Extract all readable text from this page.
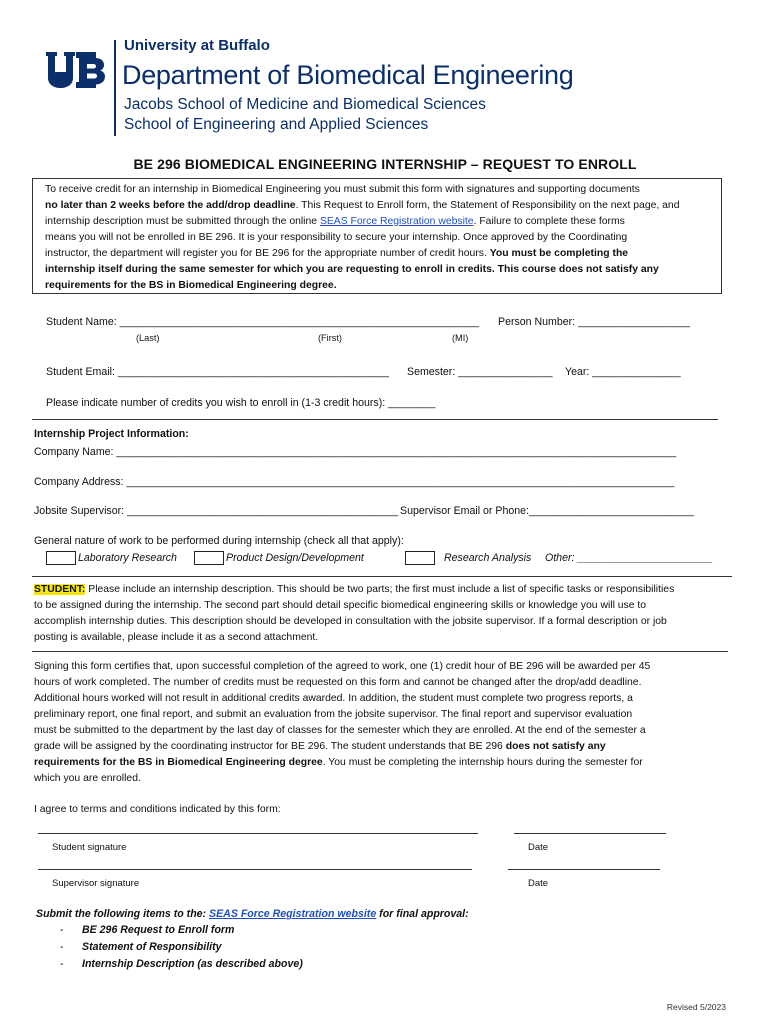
University at Buffalo
Department of Biomedical Engineering
Jacobs School of Medicine and Biomedical Sciences
School of Engineering and Applied Sciences
BE 296 BIOMEDICAL ENGINEERING INTERNSHIP – REQUEST TO ENROLL
To receive credit for an internship in Biomedical Engineering you must submit this form with signatures and supporting documents
no later than 2 weeks before the add/drop deadline. This Request to Enroll form, the Statement of Responsibility on the next page, and
internship description must be submitted through the online SEAS Force Registration website. Failure to complete these forms
means you will not be enrolled in BE 296. It is your responsibility to secure your internship. Once approved by the Coordinating
instructor, the department will register you for BE 296 for the appropriate number of credit hours. You must be completing the
internship itself during the same semester for which you are requesting to enroll in credits. This course does not satisfy any
requirements for the BS in Biomedical Engineering degree.
Student Name: _____________________________________________________________ Person Number: ___________________
(Last)	(First)	(MI)
Student Email: ______________________________________________ Semester: ________________ Year: _______________
Please indicate number of credits you wish to enroll in (1-3 credit hours): ________
Internship Project Information:
Company Name: _______________________________________________________________________________________________
Company Address: _____________________________________________________________________________________________
Jobsite Supervisor: ______________________________________________ Supervisor Email or Phone:____________________________
General nature of work to be performed during internship (check all that apply):
Laboratory Research	Product Design/Development	Research Analysis Other: _______________________
STUDENT: Please include an internship description. This should be two parts; the first must include a list of specific tasks or responsibilities
to be assigned during the internship. The second part should detail specific biomedical engineering skills or knowledge you will use to
accomplish internship duties. This description should be developed in consultation with the jobsite supervisor. If a formal description or job
posting is available, please include it as a second attachment.
Signing this form certifies that, upon successful completion of the agreed to work, one (1) credit hour of BE 296 will be awarded per 45
hours of work completed. The number of credits must be requested on this form and cannot be changed after the drop/add deadline.
Additional hours worked will not result in additional credits awarded. In addition, the student must complete two progress reports, a
preliminary report, one final report, and submit an evaluation from the jobsite supervisor. The final report and supervisor evaluation
must be submitted to the department by the last day of classes for the semester which they are enrolled. At the end of the semester a
grade will be assigned by the coordinating instructor for BE 296. The student understands that BE 296 does not satisfy any
requirements for the BS in Biomedical Engineering degree. You must be completing the internship hours during the semester for
which you are enrolled.
I agree to terms and conditions indicated by this form:
Student signature	Date
Supervisor signature	Date
Submit the following items to the: SEAS Force Registration website for final approval:
- BE 296 Request to Enroll form
- Statement of Responsibility
- Internship Description (as described above)
Revised 5/2023
